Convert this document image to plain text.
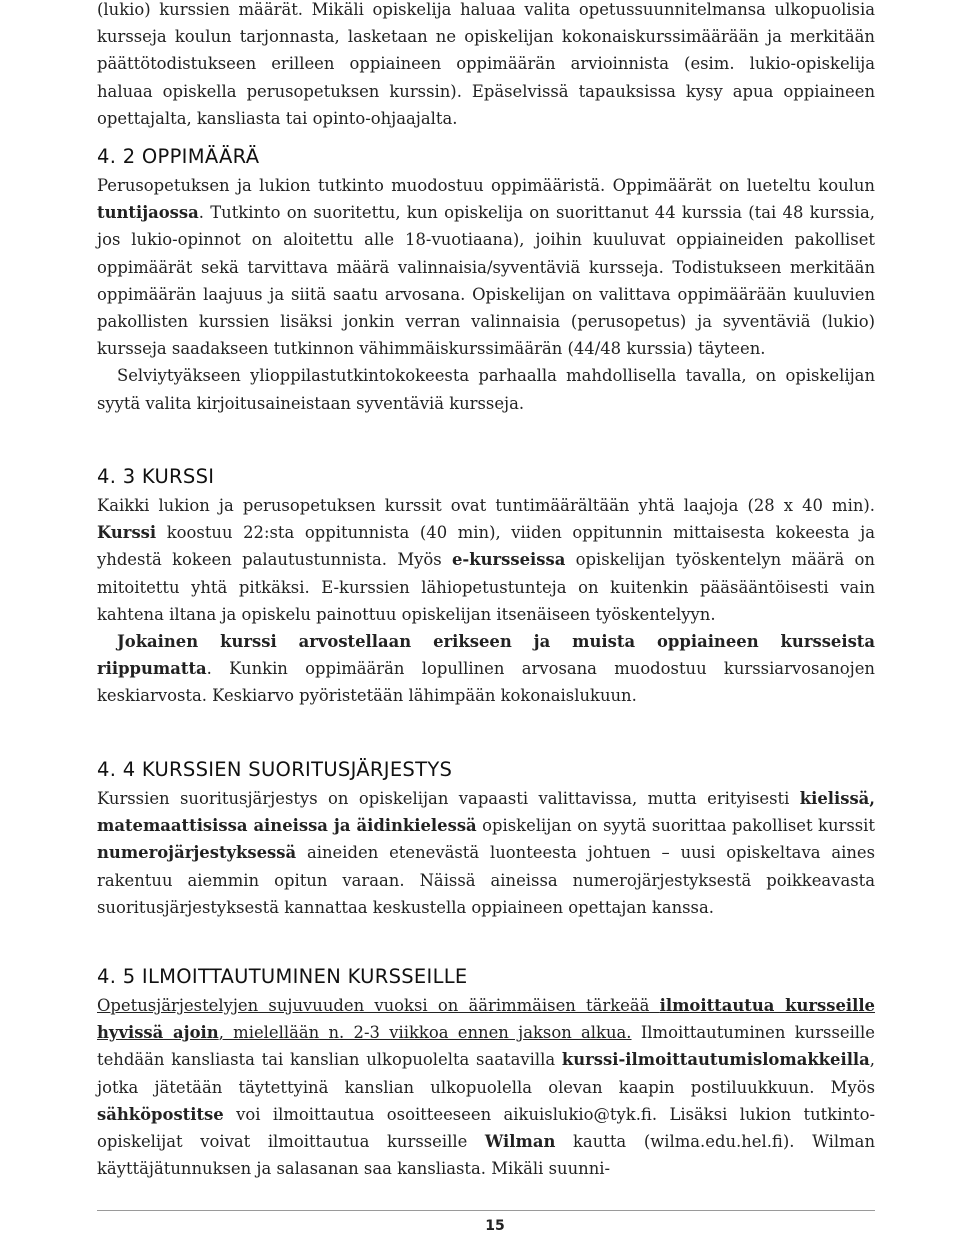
(lukio) kurssien määrät. Mikäli opiskelija haluaa valita opetussuunnitelmansa ulkopuolisia kursseja koulun tarjonnasta, lasketaan ne opiskelijan kokonaiskurssimäärään ja merkitään päättötodistukseen erilleen oppiaineen oppimäärän arvioinnista (esim. lukio-opiskelija haluaa opiskella perusopetuksen kurssin). Epäselvissä tapauksissa kysy apua oppiaineen opettajalta, kansliasta tai opinto-ohjaajalta.

4. 2 OPPIMÄÄRÄ

Perusopetuksen ja lukion tutkinto muodostuu oppimääristä. Oppimäärät on lueteltu koulun tuntijaossa. Tutkinto on suoritettu, kun opiskelija on suorittanut 44 kurssia (tai 48 kurssia, jos lukio-opinnot on aloitettu alle 18-vuotiaana), joihin kuuluvat oppiaineiden pakolliset oppimäärät sekä tarvittava määrä valinnaisia/syventäviä kursseja. Todistukseen merkitään oppimäärän laajuus ja siitä saatu arvosana. Opiskelijan on valittava oppimäärään kuuluvien pakollisten kurssien lisäksi jonkin verran valinnaisia (perusopetus) ja syventäviä (lukio) kursseja saadakseen tutkinnon vähimmäiskurssimäärän (44/48 kurssia) täyteen.

Selviytyäkseen ylioppilastutkintokokeesta parhaalla mahdollisella tavalla, on opiskelijan syytä valita kirjoitusaineistaan syventäviä kursseja.

4. 3 KURSSI

Kaikki lukion ja perusopetuksen kurssit ovat tuntimäärältään yhtä laajoja (28 x 40 min). Kurssi koostuu 22:sta oppitunnista (40 min), viiden oppitunnin mittaisesta kokeesta ja yhdestä kokeen palautustunnista. Myös e-kursseissa opiskelijan työskentelyn määrä on mitoitettu yhtä pitkäksi. E-kurssien lähiopetustunteja on kuitenkin pääsääntöisesti vain kahtena iltana ja opiskelu painottuu opiskelijan itsenäiseen työskentelyyn.

Jokainen kurssi arvostellaan erikseen ja muista oppiaineen kursseista riippumatta. Kunkin oppimäärän lopullinen arvosana muodostuu kurssiarvosanojen keskiarvosta. Keskiarvo pyöristetään lähimpään kokonaislukuun.

4. 4 KURSSIEN SUORITUSJÄRJESTYS

Kurssien suoritusjärjestys on opiskelijan vapaasti valittavissa, mutta erityisesti kielissä, matemaattisissa aineissa ja äidinkielessä opiskelijan on syytä suorittaa pakolliset kurssit numerojärjestyksessä aineiden etenevästä luonteesta johtuen – uusi opiskeltava aines rakentuu aiemmin opitun varaan. Näissä aineissa numerojärjestyksestä poikkeavasta suoritusjärjestyksestä kannattaa keskustella oppiaineen opettajan kanssa.

4. 5 ILMOITTAUTUMINEN KURSSEILLE

Opetusjärjestelyjen sujuvuuden vuoksi on äärimmäisen tärkeää ilmoittautua kursseille hyvissä ajoin, mielellään n. 2-3 viikkoa ennen jakson alkua. Ilmoittautuminen kursseille tehdään kansliasta tai kanslian ulkopuolelta saatavilla kurssi-ilmoittautumislomakkeilla, jotka jätetään täytettyinä kanslian ulkopuolella olevan kaapin postiluukkuun. Myös sähköpostitse voi ilmoittautua osoitteeseen aikuislukio@tyk.fi. Lisäksi lukion tutkinto-opiskelijat voivat ilmoittautua kursseille Wilman kautta (wilma.edu.hel.fi). Wilman käyttäjätunnuksen ja salasanan saa kansliasta. Mikäli suunni-

15
